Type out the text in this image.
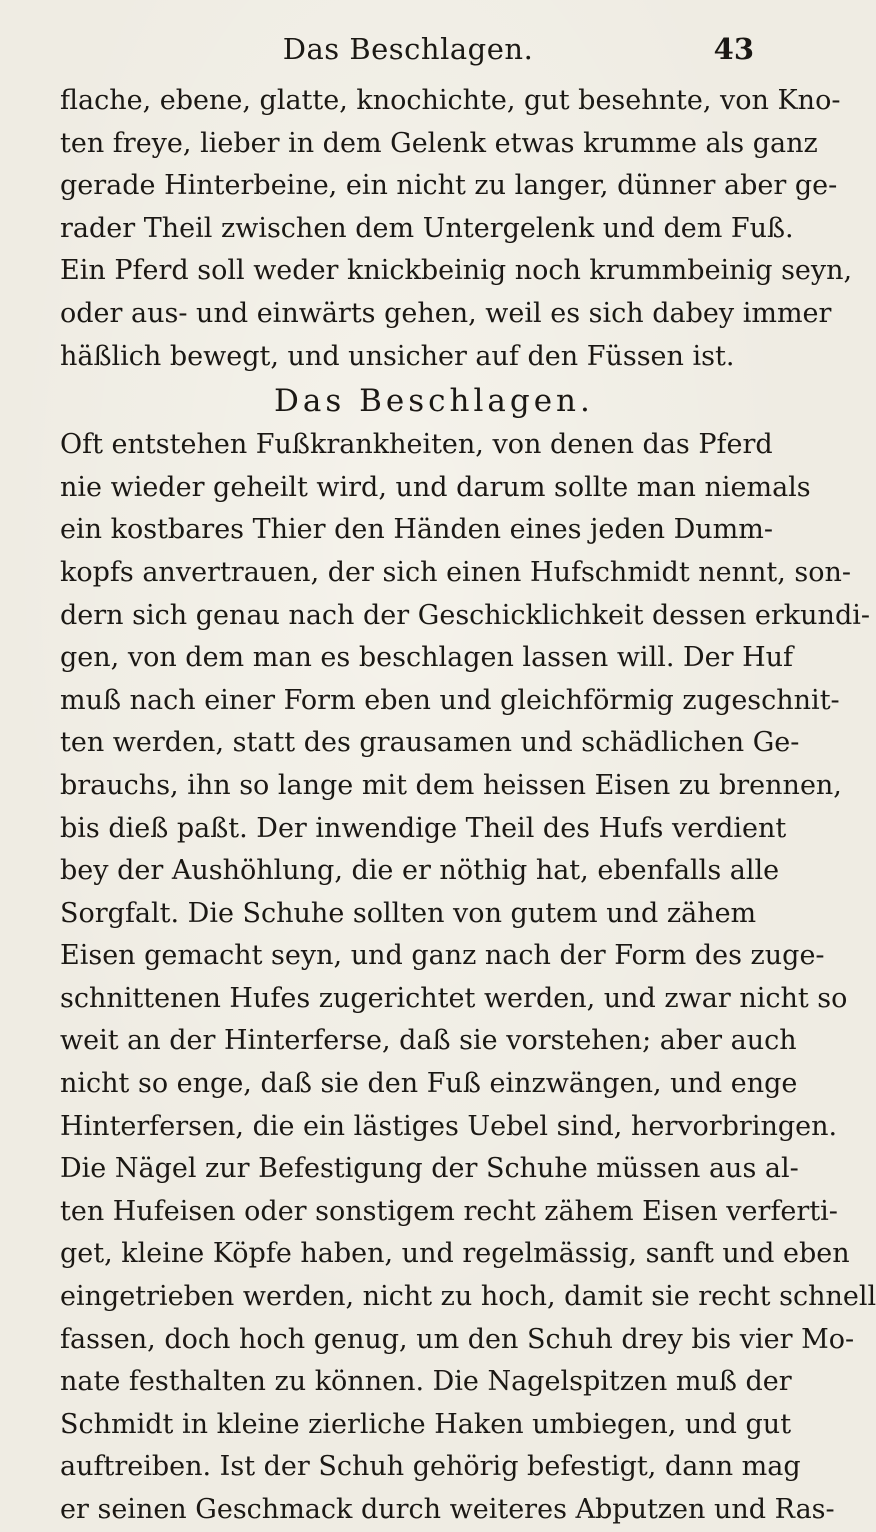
Das Beschlagen.	43
flache, ebene, glatte, knochichte, gut besehnte, von Kno-
ten freye, lieber in dem Gelenk etwas krumme als ganz
gerade Hinterbeine, ein nicht zu langer, dünner aber ge-
rader Theil zwischen dem Untergelenk und dem Fuß.
Ein Pferd soll weder knickbeinig noch krummbeinig seyn,
oder aus- und einwärts gehen, weil es sich dabey immer
häßlich bewegt, und unsicher auf den Füssen ist.
Das Beschlagen.
Oft entstehen Fußkrankheiten, von denen das Pferd
nie wieder geheilt wird, und darum sollte man niemals
ein kostbares Thier den Händen eines jeden Dumm-
kopfs anvertrauen, der sich einen Hufschmidt nennt, son-
dern sich genau nach der Geschicklichkeit dessen erkundi-
gen, von dem man es beschlagen lassen will. Der Huf
muß nach einer Form eben und gleichförmig zugeschnit-
ten werden, statt des grausamen und schädlichen Ge-
brauchs, ihn so lange mit dem heissen Eisen zu brennen,
bis dieß paßt. Der inwendige Theil des Hufs verdient
bey der Aushöhlung, die er nöthig hat, ebenfalls alle
Sorgfalt. Die Schuhe sollten von gutem und zähem
Eisen gemacht seyn, und ganz nach der Form des zuge-
schnittenen Hufes zugerichtet werden, und zwar nicht so
weit an der Hinterferse, daß sie vorstehen; aber auch
nicht so enge, daß sie den Fuß einzwängen, und enge
Hinterfersen, die ein lästiges Uebel sind, hervorbringen.
Die Nägel zur Befestigung der Schuhe müssen aus al-
ten Hufeisen oder sonstigem recht zähem Eisen verferti-
get, kleine Köpfe haben, und regelmässig, sanft und eben
eingetrieben werden, nicht zu hoch, damit sie recht schnell
fassen, doch hoch genug, um den Schuh drey bis vier Mo-
nate festhalten zu können. Die Nagelspitzen muß der
Schmidt in kleine zierliche Haken umbiegen, und gut
auftreiben. Ist der Schuh gehörig befestigt, dann mag
er seinen Geschmack durch weiteres Abputzen und Ras-
